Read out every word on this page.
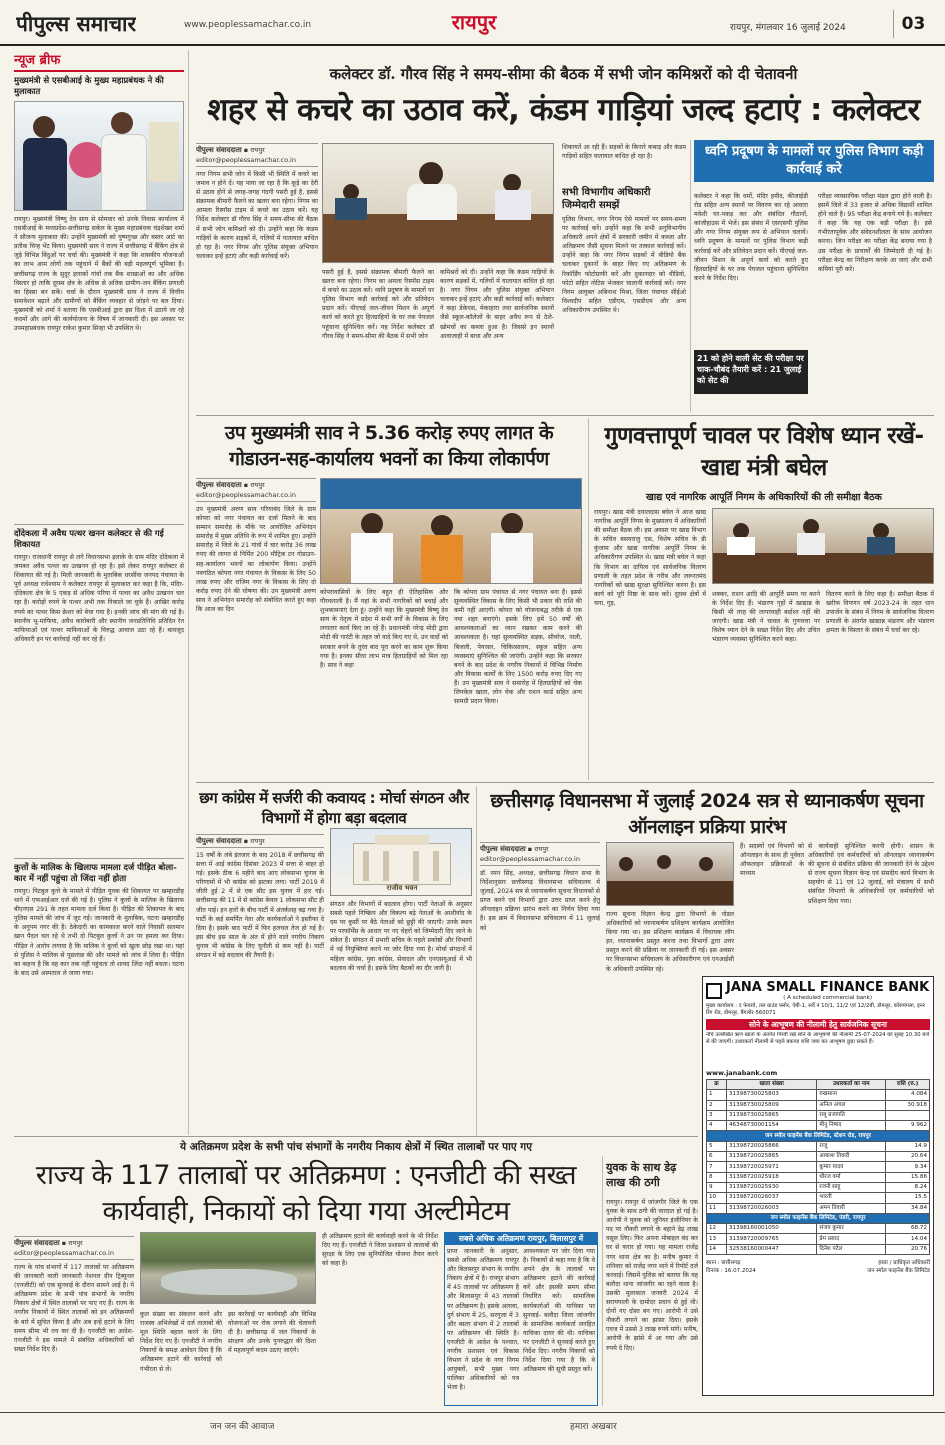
पीपुल्स समाचार	www.peoplessamachar.co.in	रायपुर	रायपुर, मंगलवार 16 जुलाई 2024	03
न्यूज ब्रीफ
मुख्यमंत्री से एसबीआई के मुख्य महाप्रबंधक ने की मुलाकात
रायपुर। मुख्यमंत्री विष्णु देव साय से सोमवार को उनके निवास कार्यालय में एसबीआई के मध्यप्रदेश-छत्तीसगढ़ सर्कल के मुख्य महाप्रबंधक चंद्रशेखर शर्मा ने सौजन्य मुलाकात की। उन्होंने मुख्यमंत्री को पुष्पगुच्छ और बस्तर आर्ट का प्रतीक चिन्ह भेंट किया। मुख्यमंत्री साय ने राज्य में छत्तीसगढ़ में बैंकिंग क्षेत्र से जुड़े विभिन्न बिंदुओं पर चर्चा की। मुख्यमंत्री ने कहा कि शासकीय योजनाओं का लाभ आम लोगों तक पहुंचाने में बैंकों की बड़ी महत्वपूर्ण भूमिका है। छत्तीसगढ़ राज्य के सुदूर इलाकों गांवों तक बैंक शाखाओं का और अधिक विस्तार हो ताकि दूरस्थ क्षेत्र के अधिक से अधिक ग्रामीण-जन बैंकिंग प्रणाली का हिस्सा बन सकें। चर्चा के दौरान मुख्यमंत्री साय ने राज्य में वित्तीय समावेशन बढ़ाने और ग्रामीणों को बैंकिंग व्यवहार से जोड़ने पर बल दिया। मुख्यमंत्री को शर्मा ने बताया कि एसबीआई द्वारा इस दिशा में उठाये जा रहे कदमों और आगे की कार्ययोजना के विषय में जानकारी दी। इस अवसर पर उपमहाप्रबंधक रायपुर राकेश कुमार सिन्हा भी उपस्थित थे।
दोंदेकला में अवैध पत्थर खनन कलेक्टर से की गई शिकायत
रायपुर। राजधानी रायपुर से लगे विधानसभा इलाके के ग्राम मंदिर दोंदेकला में जमकर अवैध पत्थर का उत्खनन हो रहा है। इसे लेकर रायपुर कलेक्टर से शिकायत की गई है। मिली जानकारी के मुताबिक धरसींवा जनपद पंचायत के पूर्व अध्यक्ष राधेश्याम ने कलेक्टर रायपुर से मुलाकात कर कहा है कि, मंदिर-दोंदेकला क्षेत्र के 5 एकड़ से अधिक परिया में पत्थर का अवैध उत्खनन चल रहा है। करोड़ों रुपये के पत्थर अभी तक निकाले जा चुके हैं। आखिर करोड़ रुपये का पत्थर किस क्रेशर को बेचा गया है। इनकी जांच की मांग की गई है। स्थानीय भू-माफिया, अवैध कारोबारी और स्थानीय जनप्रतिनिधि प्रतिदिन रेत माफियाओं एवं पत्थर माफियाओं के विरुद्ध आवाज उठा रहे हैं। बावजूद अधिकारी इन पर कार्रवाई नहीं कर रहे हैं।
कुत्तों के मालिक के खिलाफ मामला दर्ज पीड़ित बोला-कार में नहीं पहुंचा तो जिंदा नहीं होता
रायपुर। पिटबुल कुत्ते के मामले में पीड़ित युवक की शिकायत पर खम्हारडीह थाने में एफआईआर दर्ज की गई है। पुलिस ने कुत्तों के मालिक के खिलाफ बीएनएस 291 के तहत मामला दर्ज किया है। पीड़ित की शिकायत के बाद पुलिस मामले की जांच में जुट गई। जानकारी के मुताबिक, घटना खम्हारडीह के अनुपम नगर की है। ठेकेदारी का कामकाज करने वाले निवासी सलमान खान पैदल चल रहे थे तभी दो पिटबुल कुत्तों ने उन पर हमला कर दिया। पीड़ित ने आरोप लगाया है कि मालिक ने कुत्तों को खुला छोड़ रखा था। यहां से पुलिस ने मालिक से पूछताछ की और मामले को जांच में लिया है। पीड़ित का कहना है कि वह कार तक नहीं पहुंचता तो शायद जिंदा नहीं बचता। घटना के बाद उसे अस्पताल ले जाया गया।
कलेक्टर डॉ. गौरव सिंह ने समय-सीमा की बैठक में सभी जोन कमिश्नरों को दी चेतावनी
शहर से कचरे का उठाव करें, कंडम गाड़ियां जल्द हटाएं : कलेक्टर
पीपुल्स संवाददाता ▪ रायपुर
editor@peoplessamachar.co.in
नगर निगम सभी जोन में किसी भी स्थिति में कचरे का जमाव न होने दें। यह पाया जा रहा है कि कूड़े का देरी से उठाव होने से जगह-जगह गंदगी पसरी हुई है, इससे संक्रामक बीमारी फैलने का खतरा बना रहेगा। निगम का आमला रिस्पॉस टाइम में कचरे का उठाव करें। यह निर्देश कलेक्टर डॉ गौरव सिंह ने समय-सीमा की बैठक में सभी जोन कमिश्नरों को दी। उन्होंने कहा कि कंडम गाड़ियों के कारण सड़कों में, गलियों में यातायात बाधित हो रहा है। नगर निगम और पुलिस संयुक्त अभियान चलाकर इन्हें हटाएं और कड़ी कार्रवाई करें।
पसरी हुई है, इससे संक्रामक बीमारी फैलने का खतरा बना रहेगा। निगम का अमला रिस्पॉस टाइम में कचरे का उठाव करें। ध्वनि प्रदूषण के मामलों पर पुलिस विभाग कड़ी कार्रवाई करे और प्रतिवेदन प्रदान करें। पीएचई जल-जीवन मिशन के अपूर्ण कार्य को करते हुए हितग्राहियों के घर तक पेयजल पहुंचाना सुनिश्चित करें। यह निर्देश कलेक्टर डॉ गौरव सिंह ने समय-सीमा की बैठक में सभी जोन
कमिश्नरों को दी। उन्होंने कहा कि कंडम गाड़ियों के कारण सड़कों में, गलियों में यातायात बाधित हो रहा है। नगर निगम और पुलिस संयुक्त अभियान चलाकर इन्हें हटाएं और कड़ी कार्रवाई करें। कलेक्टर ने कहा डेकेएस, मेकाहारा तथा सार्वजनिक स्थानों जैसे स्कूल-कॉलेजों के बाहर अवैध रूप से ठेले-खोमचों का कब्जा हुआ है। जिससे इन स्थानों आवाजाही में बाधा और अन्य
शिकायतें आ रही हैं। सड़कों के किनारे कबाड़ और कंडम गाड़ियों सहित यातायात बाधित हो रहा है।
सभी विभागीय अधिकारी जिम्मेदारी समझें
पुलिस विभाग, नगर निगम ऐसे मामलों पर समय-समय पर कार्रवाई करें। उन्होंने कहा कि सभी अनुविभागीय अधिकारी अपने क्षेत्रों में सरकारी जमीन में कब्जा और अतिक्रमण जैसी सूचना मिलने पर तत्काल कार्रवाई करें। उन्होंने कहा कि नगर निगम सड़कों में बीडियो बैंक चलाकर दुकानों के बाहर किए गए अतिक्रमण के रिकॉर्डिंग फोटोग्राफी करें और दुकानदार को वीडियो, फोटो सहित नोटिस भेजकर चालानी कार्रवाई करें। नगर निगम आयुक्त अबिनाश मिश्रा, जिला पंचायत सीईओ विश्वदीप सहित एडीएम, एसडीएम और अन्य अधिकारीगण उपस्थित थे।
ध्वनि प्रदूषण के मामलों पर पुलिस विभाग कड़ी कार्रवाई करे
कलेक्टर ने कहा कि धर्मो, मंदिर हमीद, कीजाईडी रोड सहित अन्य स्थानों पर विवरण कर रहे आवारा मवेशी घर-पकड़ कर और संबंधित गौठानों, कांजीहाउस में भेजें। इस संबंध में एसएसपी पुलिस और नगर निगम संयुक्त रूप से अभियान चलायें। ध्वनि प्रदूषण के मामलों पर पुलिस विभाग कड़ी कार्रवाई करें और प्रतिवेदन प्रदान करें। पीएचई जल-जीवन मिशन के अपूर्ण कार्य को करते हुए हितग्राहियों के घर तक पेयजल पहुंचाना सुनिश्चित करने के निर्देश दिए।
21 को होने वाली सेट की परीक्षा पर चाक-चौबंद तैयारी करें : 21 जुलाई को सेट की
परीक्षा व्यवसायिक परीक्षा मंडल द्वारा होने वाली है। इसमें जिले में 33 हजार से अधिक विद्यार्थी शामिल होने वाले है। 95 परीक्षा केंद्र बनाये गये है। कलेक्टर ने कहा कि यह एक बड़ी परीक्षा है। इसे गंभीरतापूर्वक और संवेदनशीलता के साथ आयोजन करना। जिन परीक्षा का परीक्षा केंद्र बनाया गया है उस परीक्षा के प्राचार्यों की जिम्मेदारी दी गई है। परीक्षा केन्द्र का निरीक्षण करके आ जाएं और सभी कमियां पूरी करें।
उप मुख्यमंत्री साव ने 5.36 करोड़ रुपए लागत के गोडाउन-सह-कार्यालय भवनों का किया लोकार्पण
पीपुल्स संवाददाता ▪ रायपुर
editor@peoplessamachar.co.in
उप मुख्यमंत्री अरुण साव गरियाबंद जिले के ग्राम कोपरा को नगर पंचायत का दर्जा मिलने के बाद सम्मान समारोह के मौके पर आयोजित अभिनंदन समारोह में मुख्य अतिथि के रूप में शामिल हुए। उन्होंने समारोह में जिले के 21 गांवों में चार करोड़ 36 लाख रुपए की लागत से निर्मित 200 मीट्रिक टन गोडाउन-सह-कार्यालय भवनों का लोकार्पण किया। उन्होंने नवगठित कोपरा नगर पंचायत के विकास के लिए 50 लाख रुपए और राजिम नगर के विकास के लिए दो करोड़ रुपए देने की घोषणा की। उप मुख्यमंत्री अरुण साव ने अभिनंदन समारोह को संबोधित करते हुए कहा कि आज का दिन
कोपरावासियों के लिए बहुत ही ऐतिहासिक और गौरवशाली है। मैं यहां के सभी नागरिकों को बधाई और शुभकामनाएं देता हूं। उन्होंने कहा कि मुख्यमंत्री विष्णु देव साय के नेतृत्व में प्रदेश में सभी वर्गों के विकास के लिए लगातार कार्य किए जा रहे हैं। प्रधानमंत्री नरेन्द्र मोदी द्वारा मोदी की गारंटी के तहत जो वादे किए गए थे, उन वादों को सरकार बनने के तुरंत बाद पूरा करने का काम शुरू किया गया है। इनका सीधा लाभ मात्र हितग्राहियों को मिल रहा है। साव ने कहा
कि कोपरा ग्राम पंचायत से नगर पंचायत बना है। इससे सुव्यवस्थित विकास के लिए किसी भी प्रकार की राशि की कमी नहीं आएगी। कोपरा को योजनाबद्ध तरीके से एक नया शहर बनाएंगे। इसके लिए हमें 50 वर्षों की आवश्यकताओं का ध्यान रखकर काम करने की आवश्यकता है। यहां सुव्यवस्थित सड़क, सीवरेज, नाली, बिजली, पेयजल, चिकित्सालय, स्कूल सहित अन्य व्यवस्थाएं सुनिश्चित की जाएंगी। उन्होंने कहा कि सरकार बनने के बाद प्रदेश के नगरीय निकायों में विभिन्न निर्माण और विकास कार्यों के लिए 1500 करोड़ रुपए दिए गए हैं। उप मुख्यमंत्री साव ने समारोह में हितग्राहियों को चेक लिफ्केल खाता, लोन चेक और राशन कार्ड सहित अन्य सामग्री प्रदान किया।
गुणवत्तापूर्ण चावल पर विशेष ध्यान रखें- खाद्य मंत्री बघेल
खाद्य एवं नागरिक आपूर्ति निगम के अधिकारियों की ली समीक्षा बैठक
रायपुर। खाद्य मंत्री दयालदास बघेल ने आज खाद्य नागरिक आपूर्ति निगम के मुख्यालय में अधिकारियों की समीक्षा बैठक ली। इस अवसर पर खाद्य विभाग के सचिव बसवराजु एस, विशेष सचिव के डी कुंजाम और खाद्य नागरिक आपूर्ति निगम के अधिकारीगण उपस्थित थे। खाद्य मंत्री बघेल ने कहा कि विभाग का दायित्व एवं सार्वजनिक वितरण प्रणाली के तहत प्रदेश के गरीब और जरूरतमंद नागरिकों को खाद्य सुरक्षा सुनिश्चित करना है। इस कार्य को पूरी निष्ठा के साथ करें। दूरस्थ क्षेत्रों में चना, गुड़,
शक्कर, राशन आदि की आपूर्ति समय पर करने के निर्देश दिए हैं। भंडारण गृहों में खाद्यान्न के किसी भी तरह की लापरवाही बर्दाश्त नहीं की जाएगी। खाद्य मंत्री ने चावल के गुणवत्ता पर विशेष ध्यान देने के सख्त निर्देश दिए और उचित भंडारण व्यवस्था सुनिश्चित करने कहा।
वितरण करने के लिए कहा है। समीक्षा बैठक में खरीफ विपणन वर्ष 2023-24 के तहत धान उपार्जन के संबंध में निगम के सार्वजनिक वितरण प्रणाली के अंतर्गत खाद्यान्न भंडारण और भंडारण क्षमता के विस्तार के संबंध में चर्चा कर रहे।
छग कांग्रेस में सर्जरी की कवायद : मोर्चा संगठन और विभागों में होगा बड़ा बदलाव
पीपुल्स संवाददाता ▪ रायपुर
15 वर्षों के लंबे इंतजार के बाद 2018 में छत्तीसगढ़ की सत्ता में आई कांग्रेस दिसंबर 2023 में सत्ता से बाहर हो गई। इसके ठीक 6 महीने बाद आए लोकसभा चुनाव के परिणामों में भी कांग्रेस को झटका लगा। पार्टी 2019 में जीती हुई 2 में से एक सीट इस चुनाव में हार गई। छत्तीसगढ़ की 11 में से कांग्रेस केवल 1 लोकसभा सीट ही जीत पाई। इन हारों के बीच पार्टी में अंतर्कलह बढ़ गया है। पार्टी के कई समर्पित नेता और कार्यकर्ताओं ने इस्तीफा दे दिया है। इसके बाद पार्टी में फिर हलचल तेज हो गई है। इस बीच इस साल के अंत में होने वाले नगरीय निकाय चुनाव भी कांग्रेस के लिए चुनौती से कम नहीं है। पार्टी संगठन में बड़े बदलाव की तैयारी है।
राजीव भवन
संगठन और विभागों में बदलाव होगा। पार्टी नेताओं के अनुसार सबसे पहले निष्क्रिय और विकल्प बढ़े नेताओं के आशीर्वाद के दम पर कुर्सी पर बैठे नेताओं को छुट्टी की जाएगी। उनके स्थान पर परफॉर्मेंस के आधार पर नए चेहरों को जिम्मेदारी दिए जाने के संकेत हैं। संगठन में प्रभारी सचिव के पहले प्रकोष्ठों और विभागों में नई नियुक्तियां करने पर जोर दिया गया है। मोर्चा संगठनों में महिला कांग्रेस, युवा कांग्रेस, सेवादल और एनएसयूआई में भी बदलाव की चर्चा है। इसके लिए बैठकों का दौर जारी है।
छत्तीसगढ़ विधानसभा में जुलाई 2024 सत्र से ध्यानाकर्षण सूचना ऑनलाइन प्रक्रिया प्रारंभ
पीपुल्स संवाददाता ▪ रायपुर
editor@peoplessamachar.co.in
डॉ. रमन सिंह, अध्यक्ष, छत्तीसगढ़ विधान सभा के निर्देशानुसार छत्तीसगढ़ विधानसभा सचिवालय में जुलाई, 2024 सत्र से ध्यानाकर्षण सूचना विधायकों से प्राप्त करने एवं विभागों द्वारा उत्तर प्राप्त करने हेतु ऑनलाइन प्रक्रिया प्रारंभ करने का निर्णय लिया गया है। इस क्रम में विधानसभा सचिवालय में 11 जुलाई को
राज्य सूचना विज्ञान केन्द्र द्वारा विभागों के नोडल अधिकारियों को ध्यानाकर्षण प्रशिक्षण कार्यक्रम आयोजित किया गया था। इस प्रशिक्षण कार्यक्रम में विधायक लॉग इन, ध्यानाकर्षण प्रस्तुत करना तथा विभागों द्वारा उत्तर प्रस्तुत करने की प्रक्रिया पर जानकारी दी गई। इस अवसर पर विधानसभा सचिवालय के अधिकारीगण एवं एनआईसी के अधिकारी उपस्थित रहे।
से कार्यवाही सुनिश्चित करनी होगी। शासन के अधिकारियों एवं कर्मचारियों को ऑनलाइन ध्यानाकर्षण की सूचना से संबंधित प्रक्रिया की जानकारी देने के उद्देश्य से राज्य सूचना विज्ञान केन्द्र एवं संसदीय कार्य विभाग के सहयोग से 11 एवं 12 जुलाई, को मंत्रालय में सभी संबंधित विभागों के अधिकारियों एवं कर्मचारियों को प्रशिक्षण दिया गया।
हैं। सदस्यों एवं विभागों को ऑनलाइन के साथ ही पूर्ववत ऑफलाइन प्रक्रियाओं के माध्यम
JANA SMALL FINANCE BANK
( A scheduled commercial bank)
मुख्य कार्यालय : द फेयरवे, तल ग्राउंड फ्लोर, ऐबी-1, सर्वे नं 10/1, 11/2 एवं 12/2बी, डोमलूर, कोरामंगला, इनर रिंग रोड, डोमलूर, बैंगलोर-560071
सोने के आभूषण की नीलामी हेतु सार्वजनिक सूचना
नीचे उल्लेखित ऋण खातों के अंतर्गत गिरवी रखे सोने के आभूषणों की नीलामी 25-07-2024 को सुबह 10.30 बजे से की जाएगी। उधारकर्ता नीलामी से पहले बकाया राशि जमा कर आभूषण छुड़ा सकते हैं।
www.janabank.com
क्र	खाता संख्या	उधारकर्ता का नाम	राशि (रु.)
1	31398730025803	रुखसाना	4.084
2	31398730025809	अनिल अंचल	30.918
3	31398730025865	रामू प्रजापति	
4	46348730001154	मीनु निषाद	9.962
जन स्मॉल फाइनेंस बैंक लिमिटेड, स्टेशन रोड, रायपुर			
5	31398720025866	राजू	14.9
6	31398720025865	आकाश तिवारी	20.64
7	31398720025971	कुमार यादव	9.34
8	31398720025918	धीरज वर्मा	15.86
9	31398720025930	रजनी साहू	8.24
10	31398720026037	भारती	15.5
11	31398720026003	अमन तिवारी	34.84
जन स्मॉल फाइनेंस बैंक लिमिटेड, पंडरी, रायपुर			
12	31398160001050	संजय कुमार	68.72
13	31398720009765	प्रेम प्रसाद	14.04
14	32538160000447	दिनेश पटेल	20.76
स्थान : छत्तीसगढ़
दिनांक : 16.07.2024
हस्ता / प्राधिकृत अधिकारी
जन स्मॉल फाइनेंस बैंक लिमिटेड
ये अतिक्रमण प्रदेश के सभी पांच संभागों के नगरीय निकाय क्षेत्रों में स्थित तालाबों पर पाए गए
राज्य के 117 तालाबों पर अतिक्रमण : एनजीटी की सख्त कार्यवाही, निकायों को दिया गया अल्टीमेटम
पीपुल्स संवाददाता ▪ रायपुर
editor@peoplessamachar.co.in
राज्य के पांच संभागों में 117 तालाबों पर अतिक्रमण की जानकारी वाली जानकारी नेशनल ग्रीन ट्रिब्यूनल (एनजीटी) को एक सुनवाई के दौरान सामने आई है। ये अतिक्रमण प्रदेश के सभी पांच संभागों के नगरीय निकाय क्षेत्रों में स्थित तालाबों पर पाए गए हैं। राज्य के नगरीय निकायों में स्थित तालाबों को इन अतिक्रमणों के बारे में सूचित किया है और अब इन्हें हटाने के लिए समय सीमा भी तय कर दी है। एनजीटी का आदेश-एनजीटी ने इस मामले में संबंधित अधिकारियों को सख्त निर्देश दिए हैं।
कुल संख्या का संकलन करने और राजस्व अभिलेखों में दर्ज तालाबों की मूल स्थिति बहाल करने के लिए निर्देश दिए गए हैं। एनजीटी ने नगरीय निकायों के समक्ष आवेदन दिया है कि अतिक्रमण हटाने की कार्रवाई को गंभीरता से लें।
इस कार्रवाई पर कार्यवाही और विभिन्न योजनाओं पर रोक लगाने की चेतावनी दी है। छत्तीसगढ़ में जल निकायों के संरक्षण और उनके पुनरुद्धार की दिशा में महत्वपूर्ण कदम उठाए जाएंगे।
ही अतिक्रमण हटाने की कार्यवाही करने के भी निर्देश दिए गए हैं। एनजीटी ने जिला प्रशासन से तालाबों की सुरक्षा के लिए एक सुनियोजित योजना तैयार करने को कहा है।
सबसे अधिक अतिक्रमण रायपुर, बिलासपुर में
प्राप्त जानकारी के अनुसार, सबसे अधिक अतिक्रमण रायपुर और बिलासपुर संभाग के नगरीय निकाय क्षेत्रों में है। रायपुर संभाग में 45 तालाबों पर अतिक्रमण है और बिलासपुर में 43 तालाबों पर अतिक्रमण है। इसके अलावा, दुर्ग संभाग में 25, सरगुजा में 3 और बस्तर संभाग में 2 तालाबों पर अतिक्रमण की स्थिति है। एनजीटी के आदेश के पश्चात, नगरीय प्रशासन एवं विकास विभाग ने प्रदेश के नगर निगम आयुक्तों, सभी मुख्य नगर पालिका अधिकारियों को पत्र भेजा है।
आवश्यकता पर जोर दिया गया है। निकायों से कहा गया है कि वे अपने क्षेत्र के तालाबों पर अतिक्रमण हटाने की कार्रवाई करें और इसकी समय सीमा निर्धारित करें। सामाजिक कार्यकर्ताओं की याचिका पर सुनवाई- बलौदा जिला जांजगीर के सामाजिक कार्यकर्ता जनहित याचिका दायर की थी। याचिका पर एनजीटी ने सुनवाई करते हुए निर्देश दिए। नगरीय निकायों को निर्देश दिया गया है कि वे अतिक्रमण की सूची प्रस्तुत करें।
युवक के साथ डेढ़ लाख की ठगी
रायपुर। रायपुर में जांजगीर जिले के एक युवक के साथ ठगी की वारदात हो गई है। आरोपी ने युवक को जूनियर इंजीनियर के पद पर नौकरी लगाने के बहाने डेढ़ लाख वसूल लिए। फिर अपना मोबाइल बंद कर घर से फरार हो गया। यह मामला राजेंद्र नगर थाना क्षेत्र का है। मनीष कुमार ने शनिवार को राजेंद्र नगर थाने में रिपोर्ट दर्ज करवाई। जिसमें पुलिस को बताया कि वह बलौदा थाना जांजगीर का रहने वाला है। उसकी मुलाकात जनवरी 2024 में सरायपाली के दामोदर प्रधान से हुई थी। दोनों नए दोस्त बन गए। आरोपी ने उसे नौकरी लगाने का झांसा दिया। इसके एवज में उससे 3 लाख रुपये मांगे। मनीष, आरोपी के झांसे में आ गया और उसे रुपये दे दिए।
जन जन की आवाज	हमारा अखबार
